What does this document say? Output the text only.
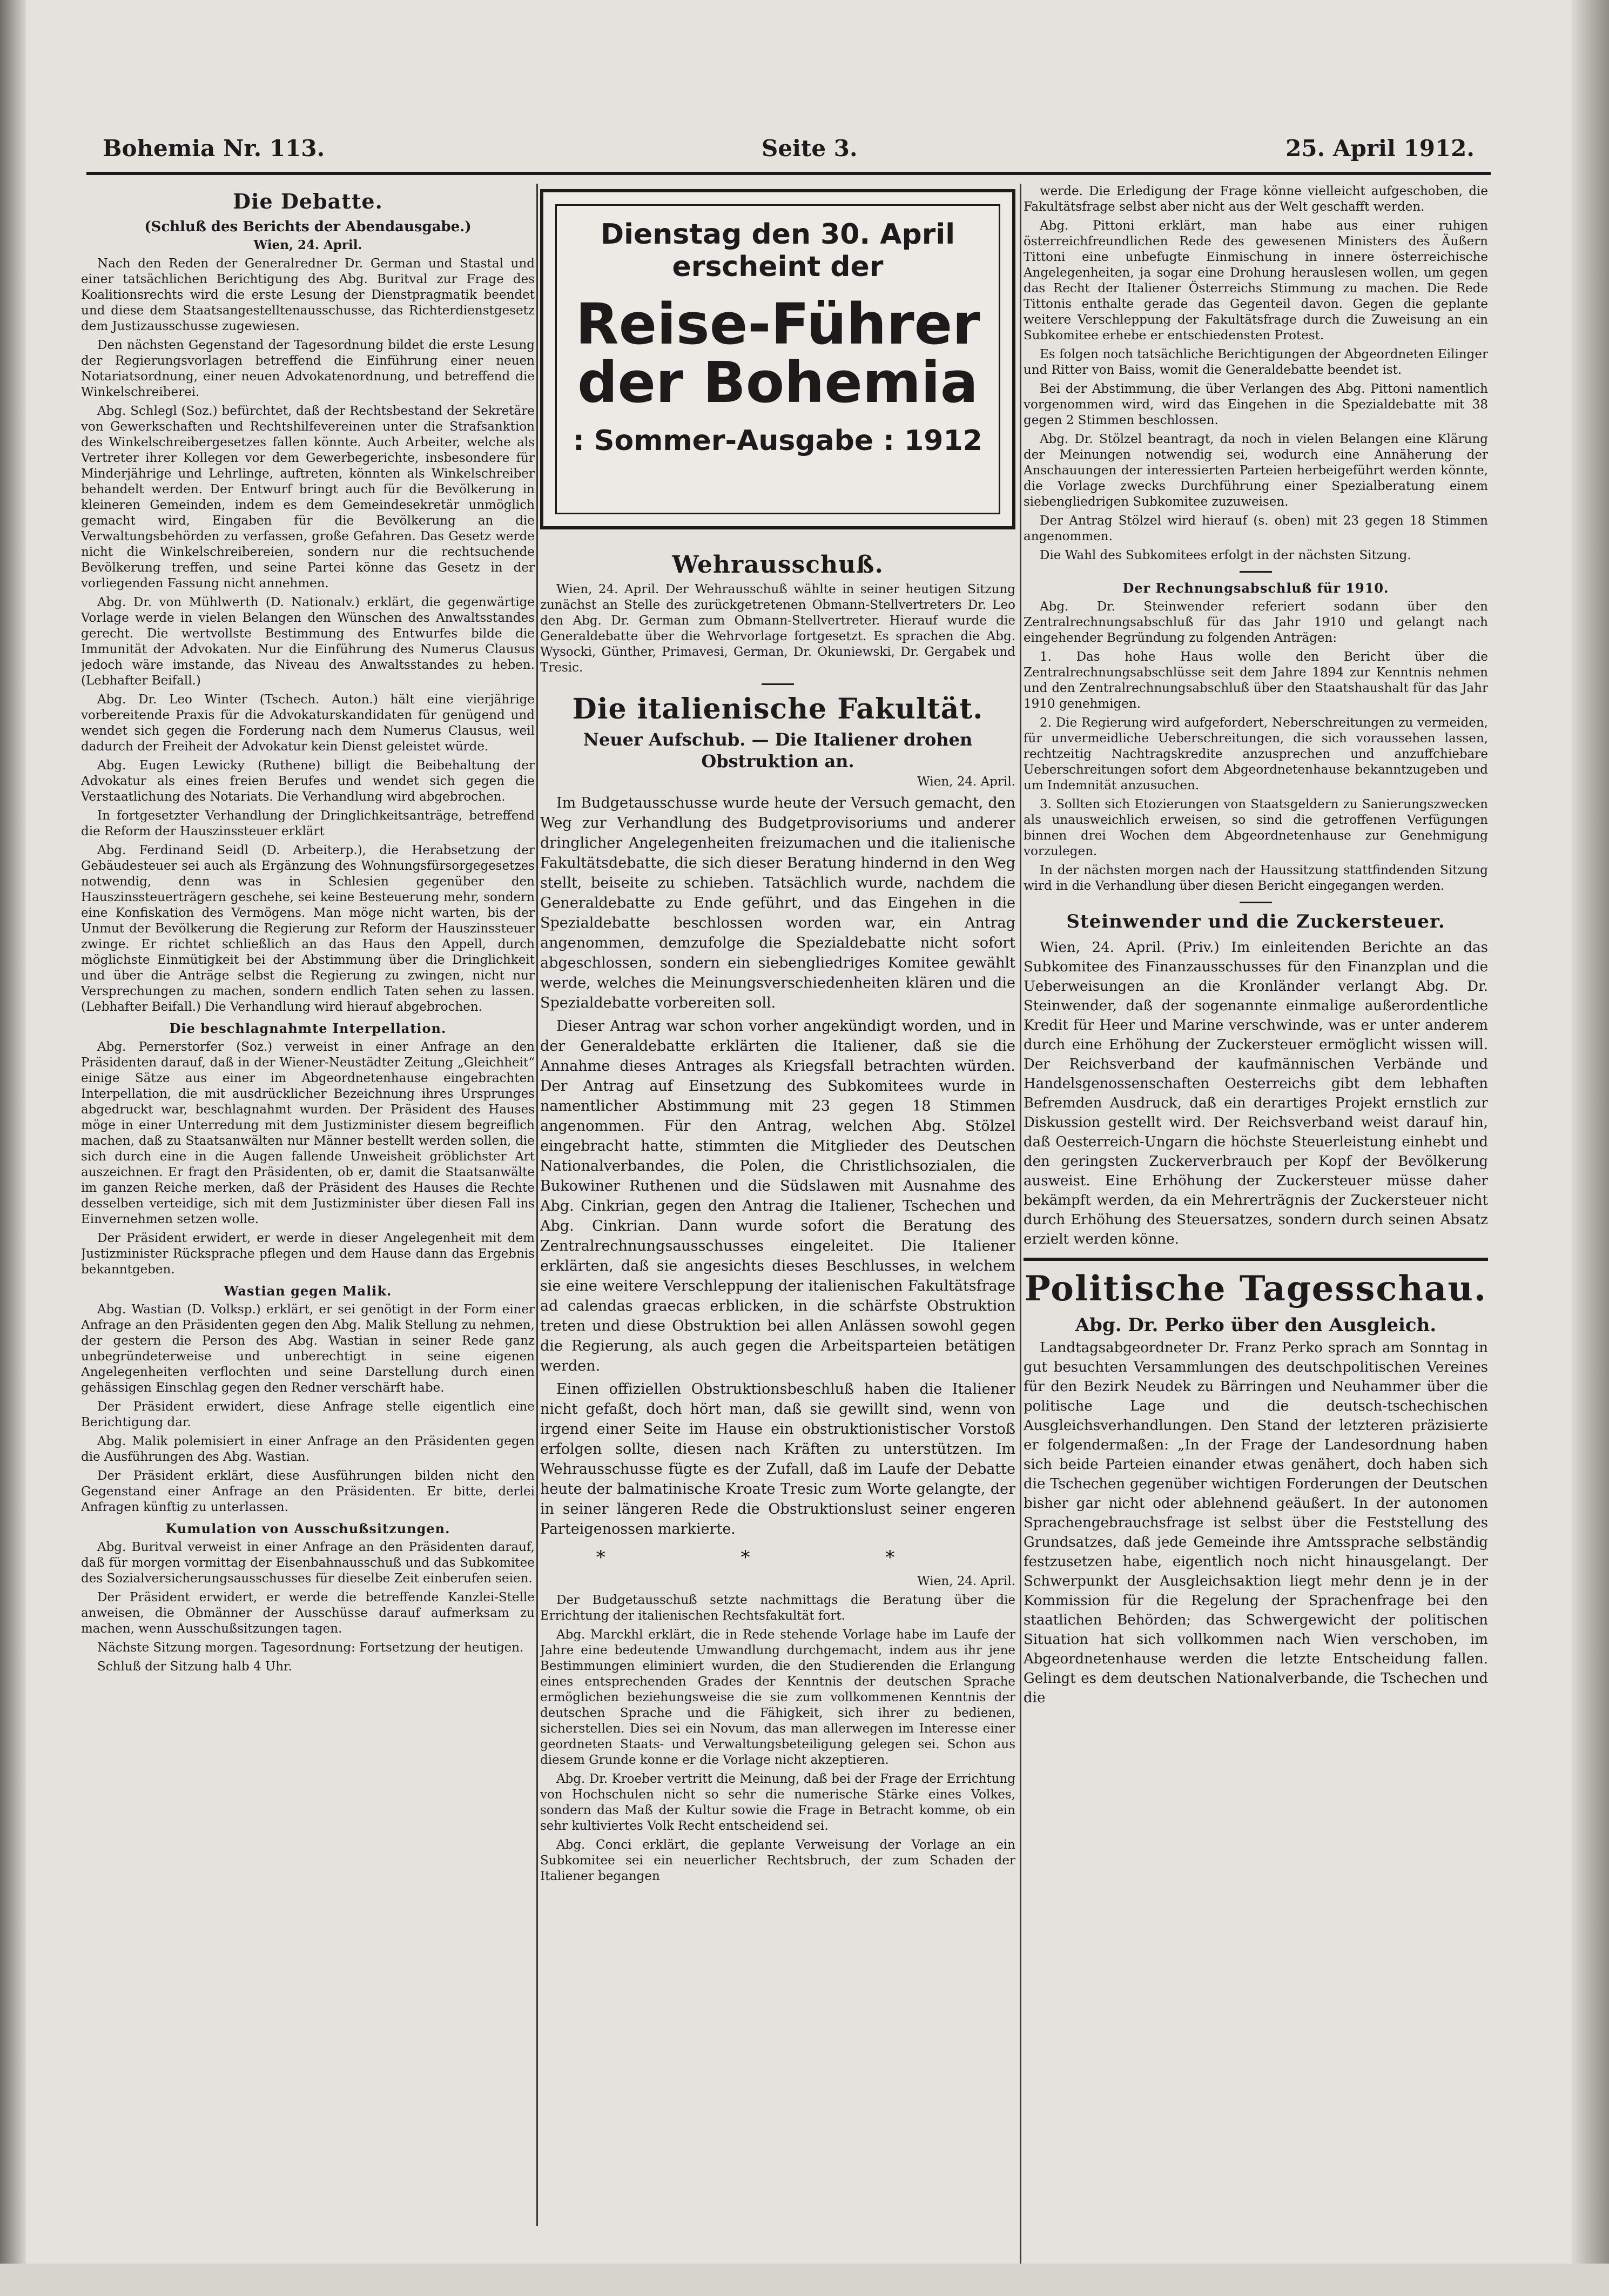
Bohemia Nr. 113.	Seite 3.	25. April 1912.
Die Debatte.
(Schluß des Berichts der Abendausgabe.)

Wien, 24. April.

Nach den Reden der Generalredner Dr. German und Stastal und einer tatsächlichen Berichtigung des Abg. Buritval zur Frage des Koalitionsrechts wird die erste Lesung der Dienstpragmatik beendet und diese dem Staatsangestelltenausschusse, das Richterdienstgesetz dem Justizausschusse zugewiesen.

Den nächsten Gegenstand der Tagesordnung bildet die erste Lesung der Regierungsvorlagen betreffend die Einführung einer neuen Notariatsordnung, einer neuen Advokatenordnung, und betreffend die Winkelschreiberei.

Abg. Schlegl (Soz.) befürchtet, daß der Rechtsbestand der Sekretäre von Gewerkschaften und Rechtshilfevereinen unter die Strafsanktion des Winkelschreibergesetzes fallen könnte. Auch Arbeiter, welche als Vertreter ihrer Kollegen vor dem Gewerbegerichte, insbesondere für Minderjährige und Lehrlinge, auftreten, könnten als Winkelschreiber behandelt werden. Der Entwurf bringt auch für die Bevölkerung in kleineren Gemeinden, indem es dem Gemeindesekretär unmöglich gemacht wird, Eingaben für die Bevölkerung an die Verwaltungsbehörden zu verfassen, große Gefahren. Das Gesetz werde nicht die Winkelschreibereien, sondern nur die rechtsuchende Bevölkerung treffen, und seine Partei könne das Gesetz in der vorliegenden Fassung nicht annehmen.

Abg. Dr. von Mühlwerth (D. Nationalv.) erklärt, die gegenwärtige Vorlage werde in vielen Belangen den Wünschen des Anwaltsstandes gerecht. Die wertvollste Bestimmung des Entwurfes bilde die Immunität der Advokaten. Nur die Einführung des Numerus Clausus jedoch wäre imstande, das Niveau des Anwaltsstandes zu heben. (Lebhafter Beifall.)

Abg. Dr. Leo Winter (Tschech. Auton.) hält eine vierjährige vorbereitende Praxis für die Advokaturskandidaten für genügend und wendet sich gegen die Forderung nach dem Numerus Clausus, weil dadurch der Freiheit der Advokatur kein Dienst geleistet würde.

Abg. Eugen Lewicky (Ruthene) billigt die Beibehaltung der Advokatur als eines freien Berufes und wendet sich gegen die Verstaatlichung des Notariats. Die Verhandlung wird abgebrochen.

In fortgesetzter Verhandlung der Dringlichkeitsanträge, betreffend die Reform der Hauszinssteuer erklärt

Abg. Ferdinand Seidl (D. Arbeiterp.), die Herabsetzung der Gebäudesteuer sei auch als Ergänzung des Wohnungsfürsorgegesetzes notwendig, denn was in Schlesien gegenüber den Hauszinssteuerträgern geschehe, sei keine Besteuerung mehr, sondern eine Konfiskation des Vermögens. Man möge nicht warten, bis der Unmut der Bevölkerung die Regierung zur Reform der Hauszinssteuer zwinge. Er richtet schließlich an das Haus den Appell, durch möglichste Einmütigkeit bei der Abstimmung über die Dringlichkeit und über die Anträge selbst die Regierung zu zwingen, nicht nur Versprechungen zu machen, sondern endlich Taten sehen zu lassen. (Lebhafter Beifall.) Die Verhandlung wird hierauf abgebrochen.

Die beschlagnahmte Interpellation.

Abg. Pernerstorfer (Soz.) verweist in einer Anfrage an den Präsidenten darauf, daß in der Wiener-Neustädter Zeitung „Gleichheit“ einige Sätze aus einer im Abgeordnetenhause eingebrachten Interpellation, die mit ausdrücklicher Bezeichnung ihres Ursprunges abgedruckt war, beschlagnahmt wurden. Der Präsident des Hauses möge in einer Unterredung mit dem Justizminister diesem begreiflich machen, daß zu Staatsanwälten nur Männer bestellt werden sollen, die sich durch eine in die Augen fallende Unweisheit gröblichster Art auszeichnen. Er fragt den Präsidenten, ob er, damit die Staatsanwälte im ganzen Reiche merken, daß der Präsident des Hauses die Rechte desselben verteidige, sich mit dem Justizminister über diesen Fall ins Einvernehmen setzen wolle.

Der Präsident erwidert, er werde in dieser Angelegenheit mit dem Justizminister Rücksprache pflegen und dem Hause dann das Ergebnis bekanntgeben.

Wastian gegen Malik.

Abg. Wastian (D. Volksp.) erklärt, er sei genötigt in der Form einer Anfrage an den Präsidenten gegen den Abg. Malik Stellung zu nehmen, der gestern die Person des Abg. Wastian in seiner Rede ganz unbegründeterweise und unberechtigt in seine eigenen Angelegenheiten verflochten und seine Darstellung durch einen gehässigen Einschlag gegen den Redner verschärft habe.

Der Präsident erwidert, diese Anfrage stelle eigentlich eine Berichtigung dar.

Abg. Malik polemisiert in einer Anfrage an den Präsidenten gegen die Ausführungen des Abg. Wastian.

Der Präsident erklärt, diese Ausführungen bilden nicht den Gegenstand einer Anfrage an den Präsidenten. Er bitte, derlei Anfragen künftig zu unterlassen.

Kumulation von Ausschußsitzungen.

Abg. Buritval verweist in einer Anfrage an den Präsidenten darauf, daß für morgen vormittag der Eisenbahnausschuß und das Subkomitee des Sozialversicherungsausschusses für dieselbe Zeit einberufen seien.

Der Präsident erwidert, er werde die betreffende Kanzlei-Stelle anweisen, die Obmänner der Ausschüsse darauf aufmerksam zu machen, wenn Ausschußsitzungen tagen.

Nächste Sitzung morgen. Tagesordnung: Fortsetzung der heutigen.

Schluß der Sitzung halb 4 Uhr.

Dienstag den 30. April erscheint der
Reise-Führer der Bohemia
: Sommer-Ausgabe : 1912
Wehrausschuß.

Wien, 24. April. Der Wehrausschuß wählte in seiner heutigen Sitzung zunächst an Stelle des zurückgetretenen Obmann-Stellvertreters Dr. Leo den Abg. Dr. German zum Obmann-Stellvertreter. Hierauf wurde die Generaldebatte über die Wehrvorlage fortgesetzt. Es sprachen die Abg. Wysocki, Günther, Primavesi, German, Dr. Okuniewski, Dr. Gergabek und Tresic.

Die italienische Fakultät.
Neuer Aufschub. — Die Italiener drohen Obstruktion an.

Wien, 24. April.

Im Budgetausschusse wurde heute der Versuch gemacht, den Weg zur Verhandlung des Budgetprovisoriums und anderer dringlicher Angelegenheiten freizumachen und die italienische Fakultätsdebatte, die sich dieser Beratung hindernd in den Weg stellt, beiseite zu schieben. Tatsächlich wurde, nachdem die Generaldebatte zu Ende geführt, und das Eingehen in die Spezialdebatte beschlossen worden war, ein Antrag angenommen, demzufolge die Spezialdebatte nicht sofort abgeschlossen, sondern ein siebengliedriges Komitee gewählt werde, welches die Meinungsverschiedenheiten klären und die Spezialdebatte vorbereiten soll.

Dieser Antrag war schon vorher angekündigt worden, und in der Generaldebatte erklärten die Italiener, daß sie die Annahme dieses Antrages als Kriegsfall betrachten würden. Der Antrag auf Einsetzung des Subkomitees wurde in namentlicher Abstimmung mit 23 gegen 18 Stimmen angenommen. Für den Antrag, welchen Abg. Stölzel eingebracht hatte, stimmten die Mitglieder des Deutschen Nationalverbandes, die Polen, die Christlichsozialen, die Bukowiner Ruthenen und die Südslawen mit Ausnahme des Abg. Cinkrian, gegen den Antrag die Italiener, Tschechen und Abg. Cinkrian. Dann wurde sofort die Beratung des Zentralrechnungsausschusses eingeleitet. Die Italiener erklärten, daß sie angesichts dieses Beschlusses, in welchem sie eine weitere Verschleppung der italienischen Fakultätsfrage ad calendas graecas erblicken, in die schärfste Obstruktion treten und diese Obstruktion bei allen Anlässen sowohl gegen die Regierung, als auch gegen die Arbeitsparteien betätigen werden.

Einen offiziellen Obstruktionsbeschluß haben die Italiener nicht gefaßt, doch hört man, daß sie gewillt sind, wenn von irgend einer Seite im Hause ein obstruktionistischer Vorstoß erfolgen sollte, diesen nach Kräften zu unterstützen. Im Wehrausschusse fügte es der Zufall, daß im Laufe der Debatte heute der balmatinische Kroate Tresic zum Worte gelangte, der in seiner längeren Rede die Obstruktionslust seiner engeren Parteigenossen markierte.

* * *

Wien, 24. April.

Der Budgetausschuß setzte nachmittags die Beratung über die Errichtung der italienischen Rechtsfakultät fort.

Abg. Marckhl erklärt, die in Rede stehende Vorlage habe im Laufe der Jahre eine bedeutende Umwandlung durchgemacht, indem aus ihr jene Bestimmungen eliminiert wurden, die den Studierenden die Erlangung eines entsprechenden Grades der Kenntnis der deutschen Sprache ermöglichen beziehungsweise die sie zum vollkommenen Kenntnis der deutschen Sprache und die Fähigkeit, sich ihrer zu bedienen, sicherstellen. Dies sei ein Novum, das man allerwegen im Interesse einer geordneten Staats- und Verwaltungsbeteiligung gelegen sei. Schon aus diesem Grunde konne er die Vorlage nicht akzeptieren.

Abg. Dr. Kroeber vertritt die Meinung, daß bei der Frage der Errichtung von Hochschulen nicht so sehr die numerische Stärke eines Volkes, sondern das Maß der Kultur sowie die Frage in Betracht komme, ob ein sehr kultiviertes Volk Recht entscheidend sei.

Abg. Conci erklärt, die geplante Verweisung der Vorlage an ein Subkomitee sei ein neuerlicher Rechtsbruch, der zum Schaden der Italiener begangen

werde. Die Erledigung der Frage könne vielleicht aufgeschoben, die Fakultätsfrage selbst aber nicht aus der Welt geschafft werden.

Abg. Pittoni erklärt, man habe aus einer ruhigen österreichfreundlichen Rede des gewesenen Ministers des Äußern Tittoni eine unbefugte Einmischung in innere österreichische Angelegenheiten, ja sogar eine Drohung herauslesen wollen, um gegen das Recht der Italiener Österreichs Stimmung zu machen. Die Rede Tittonis enthalte gerade das Gegenteil davon. Gegen die geplante weitere Verschleppung der Fakultätsfrage durch die Zuweisung an ein Subkomitee erhebe er entschiedensten Protest.

Es folgen noch tatsächliche Berichtigungen der Abgeordneten Eilinger und Ritter von Baiss, womit die Generaldebatte beendet ist.

Bei der Abstimmung, die über Verlangen des Abg. Pittoni namentlich vorgenommen wird, wird das Eingehen in die Spezialdebatte mit 38 gegen 2 Stimmen beschlossen.

Abg. Dr. Stölzel beantragt, da noch in vielen Belangen eine Klärung der Meinungen notwendig sei, wodurch eine Annäherung der Anschauungen der interessierten Parteien herbeigeführt werden könnte, die Vorlage zwecks Durchführung einer Spezialberatung einem siebengliedrigen Subkomitee zuzuweisen.

Der Antrag Stölzel wird hierauf (s. oben) mit 23 gegen 18 Stimmen angenommen.

Die Wahl des Subkomitees erfolgt in der nächsten Sitzung.

Der Rechnungsabschluß für 1910.

Abg. Dr. Steinwender referiert sodann über den Zentralrechnungsabschluß für das Jahr 1910 und gelangt nach eingehender Begründung zu folgenden Anträgen:

1. Das hohe Haus wolle den Bericht über die Zentralrechnungsabschlüsse seit dem Jahre 1894 zur Kenntnis nehmen und den Zentralrechnungsabschluß über den Staatshaushalt für das Jahr 1910 genehmigen.

2. Die Regierung wird aufgefordert, Neberschreitungen zu vermeiden, für unvermeidliche Ueberschreitungen, die sich voraussehen lassen, rechtzeitig Nachtragskredite anzusprechen und anzuffchiebare Ueberschreitungen sofort dem Abgeordnetenhause bekanntzugeben und um Indemnität anzusuchen.

3. Sollten sich Etozierungen von Staatsgeldern zu Sanierungszwecken als unausweichlich erweisen, so sind die getroffenen Verfügungen binnen drei Wochen dem Abgeordnetenhause zur Genehmigung vorzulegen.

In der nächsten morgen nach der Haussitzung stattfindenden Sitzung wird in die Verhandlung über diesen Bericht eingegangen werden.

Steinwender und die Zuckersteuer.

Wien, 24. April. (Priv.) Im einleitenden Berichte an das Subkomitee des Finanzausschusses für den Finanzplan und die Ueberweisungen an die Kronländer verlangt Abg. Dr. Steinwender, daß der sogenannte einmalige außerordentliche Kredit für Heer und Marine verschwinde, was er unter anderem durch eine Erhöhung der Zuckersteuer ermöglicht wissen will. Der Reichsverband der kaufmännischen Verbände und Handelsgenossenschaften Oesterreichs gibt dem lebhaften Befremden Ausdruck, daß ein derartiges Projekt ernstlich zur Diskussion gestellt wird. Der Reichsverband weist darauf hin, daß Oesterreich-Ungarn die höchste Steuerleistung einhebt und den geringsten Zuckerverbrauch per Kopf der Bevölkerung ausweist. Eine Erhöhung der Zuckersteuer müsse daher bekämpft werden, da ein Mehrerträgnis der Zuckersteuer nicht durch Erhöhung des Steuersatzes, sondern durch seinen Absatz erzielt werden könne.

Politische Tagesschau.
Abg. Dr. Perko über den Ausgleich.

Landtagsabgeordneter Dr. Franz Perko sprach am Sonntag in gut besuchten Versammlungen des deutschpolitischen Vereines für den Bezirk Neudek zu Bärringen und Neuhammer über die politische Lage und die deutsch-tschechischen Ausgleichsverhandlungen. Den Stand der letzteren präzisierte er folgendermaßen: „In der Frage der Landesordnung haben sich beide Parteien einander etwas genähert, doch haben sich die Tschechen gegenüber wichtigen Forderungen der Deutschen bisher gar nicht oder ablehnend geäußert. In der autonomen Sprachengebrauchsfrage ist selbst über die Feststellung des Grundsatzes, daß jede Gemeinde ihre Amtssprache selbständig festzusetzen habe, eigentlich noch nicht hinausgelangt. Der Schwerpunkt der Ausgleichsaktion liegt mehr denn je in der Kommission für die Regelung der Sprachenfrage bei den staatlichen Behörden; das Schwergewicht der politischen Situation hat sich vollkommen nach Wien verschoben, im Abgeordnetenhause werden die letzte Entscheidung fallen. Gelingt es dem deutschen Nationalverbande, die Tschechen und die
